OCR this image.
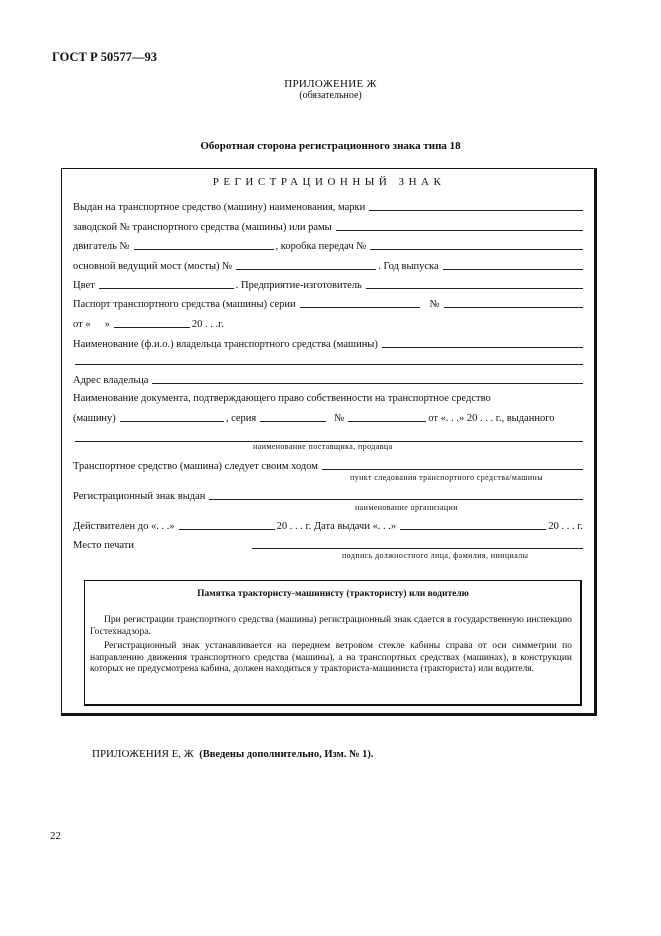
ГОСТ Р 50577—93
ПРИЛОЖЕНИЕ Ж
(обязательное)
Оборотная сторона регистрационного знака типа 18
РЕГИСТРАЦИОННЫЙ ЗНАК
Выдан на транспортное средство (машину) наименования, марки
заводской № транспортного средства (машины) или рамы
двигатель №	, коробка передач №
основной ведущий мост (мосты) №	. Год выпуска
Цвет	. Предприятие-изготовитель
Паспорт транспортного средства (машины) серии	№
от «	»	20 . . .г.
Наименование (ф.и.о.) владельца транспортного средства (машины)
Адрес владельца
Наименование документа, подтверждающего право собственности на транспортное средство
(машину)	, серия	№	от «. . .» 20 . . . г., выданного
наименование поставщика, продавца
Транспортное средство (машина) следует своим ходом
пункт следования транспортного средства/машины
Регистрационный знак выдан
наименование организации
Действителен до «. . .»	20 . . . г. Дата выдачи «. . .»	20 . . . г.
Место печати
подпись должностного лица, фамилия, инициалы
Памятка трактористу-машинисту (трактористу) или водителю
При регистрации транспортного средства (машины) регистрационный знак сдается в государственную инспекцию Гостехнадзора.
Регистрационный знак устанавливается на переднем ветровом стекле кабины справа от оси симметрии по направлению движения транспортного средства (машины), а на транспортных средствах (машинах), в конструкции которых не предусмотрена кабина, должен находиться у тракториста-машиниста (тракториста) или водителя.
ПРИЛОЖЕНИЯ Е, Ж (Введены дополнительно, Изм. № 1).
22
